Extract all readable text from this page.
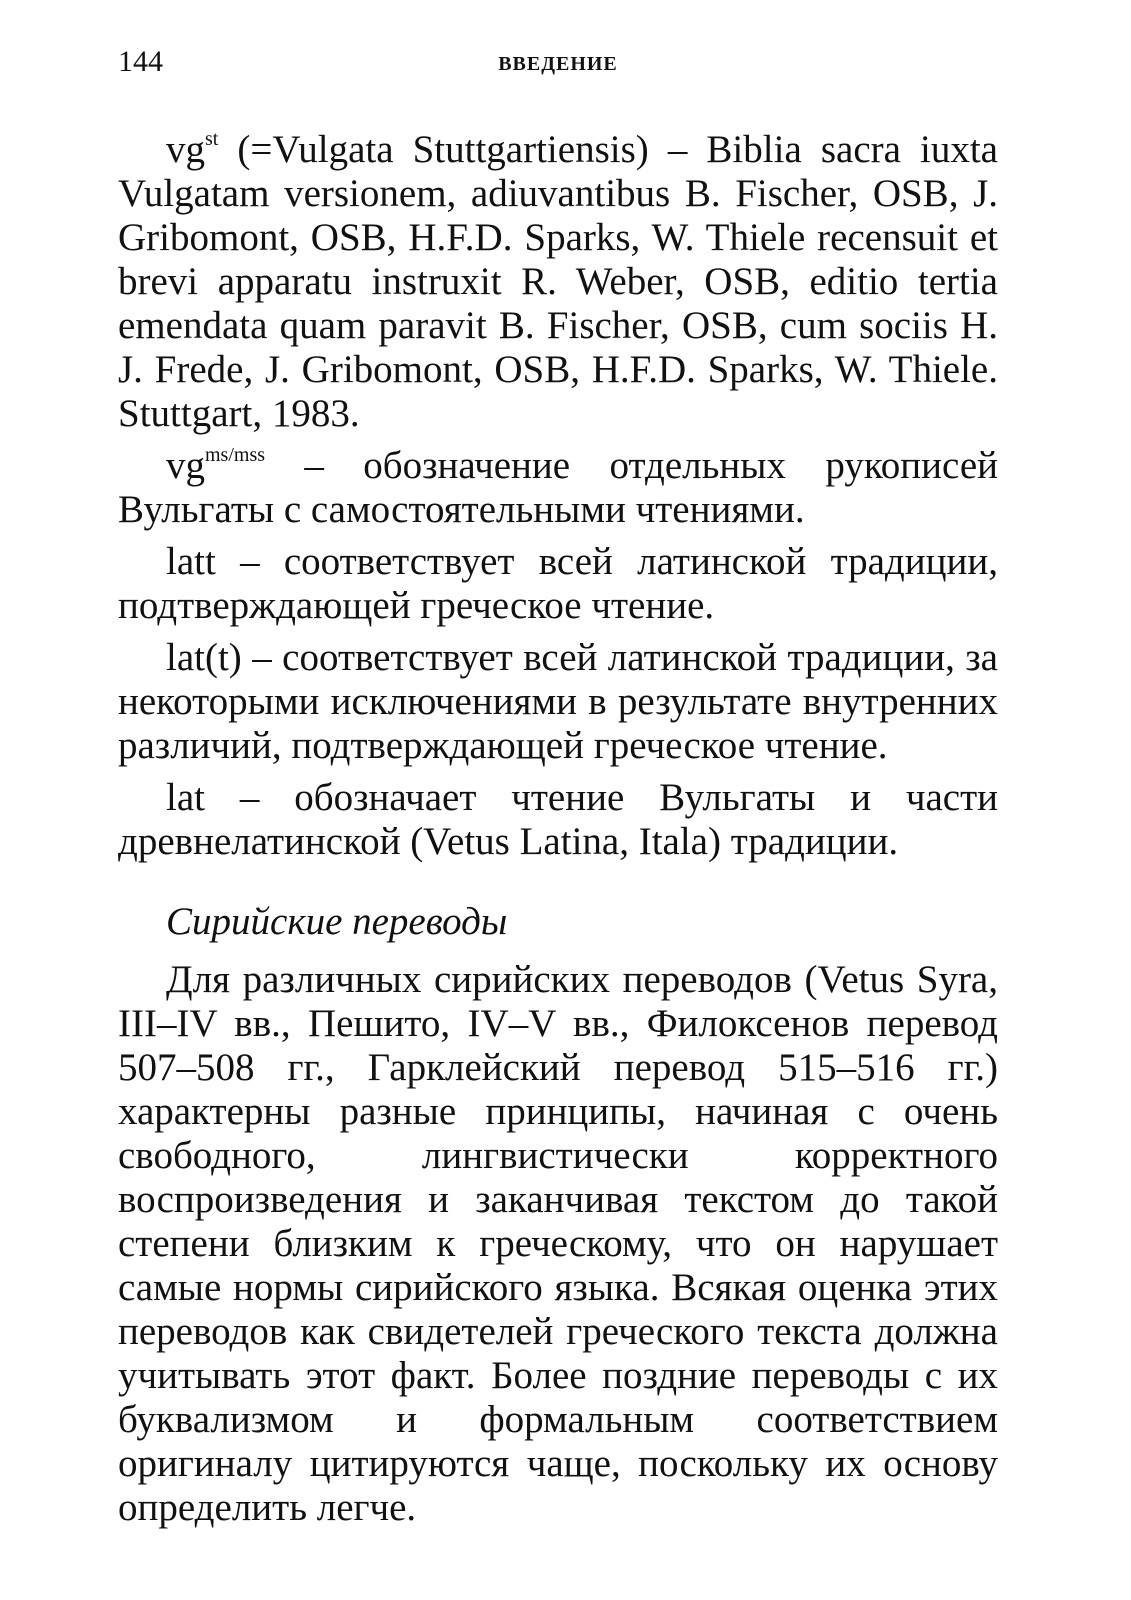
144	ВВЕДЕНИЕ

$vg^{st}$ (=Vulgata Stuttgartiensis) – Biblia sacra iuxta Vulgatam versionem, adiuvantibus B. Fischer, OSB, J. Gribomont, OSB, H.F.D. Sparks, W. Thiele recensuit et brevi apparatu instruxit R. Weber, OSB, editio tertia emendata quam paravit B. Fischer, OSB, cum sociis H. J. Frede, J. Gribomont, OSB, H.F.D. Sparks, W. Thiele. Stuttgart, 1983.

$vg^{ms/mss}$ – обозначение отдельных рукописей Вульгаты с самостоятельными чтениями.

latt – соответствует всей латинской традиции, подтверждающей греческое чтение.

lat(t) – соответствует всей латинской традиции, за некоторыми исключениями в результате внутренних различий, подтверждающей греческое чтение.

lat – обозначает чтение Вульгаты и части древнелатинской (Vetus Latina, Itala) традиции.

Сирийские переводы

Для различных сирийских переводов (Vetus Syra, III–IV вв., Пешито, IV–V вв., Филоксенов перевод 507–508 гг., Гарклейский перевод 515–516 гг.) характерны разные принципы, начиная с очень свободного, лингвистически корректного воспроизведения и заканчивая текстом до такой степени близким к греческому, что он нарушает самые нормы сирийского языка. Всякая оценка этих переводов как свидетелей греческого текста должна учитывать этот факт. Более поздние переводы с их буквализмом и формальным соответствием оригиналу цитируются чаще, поскольку их основу определить легче.
